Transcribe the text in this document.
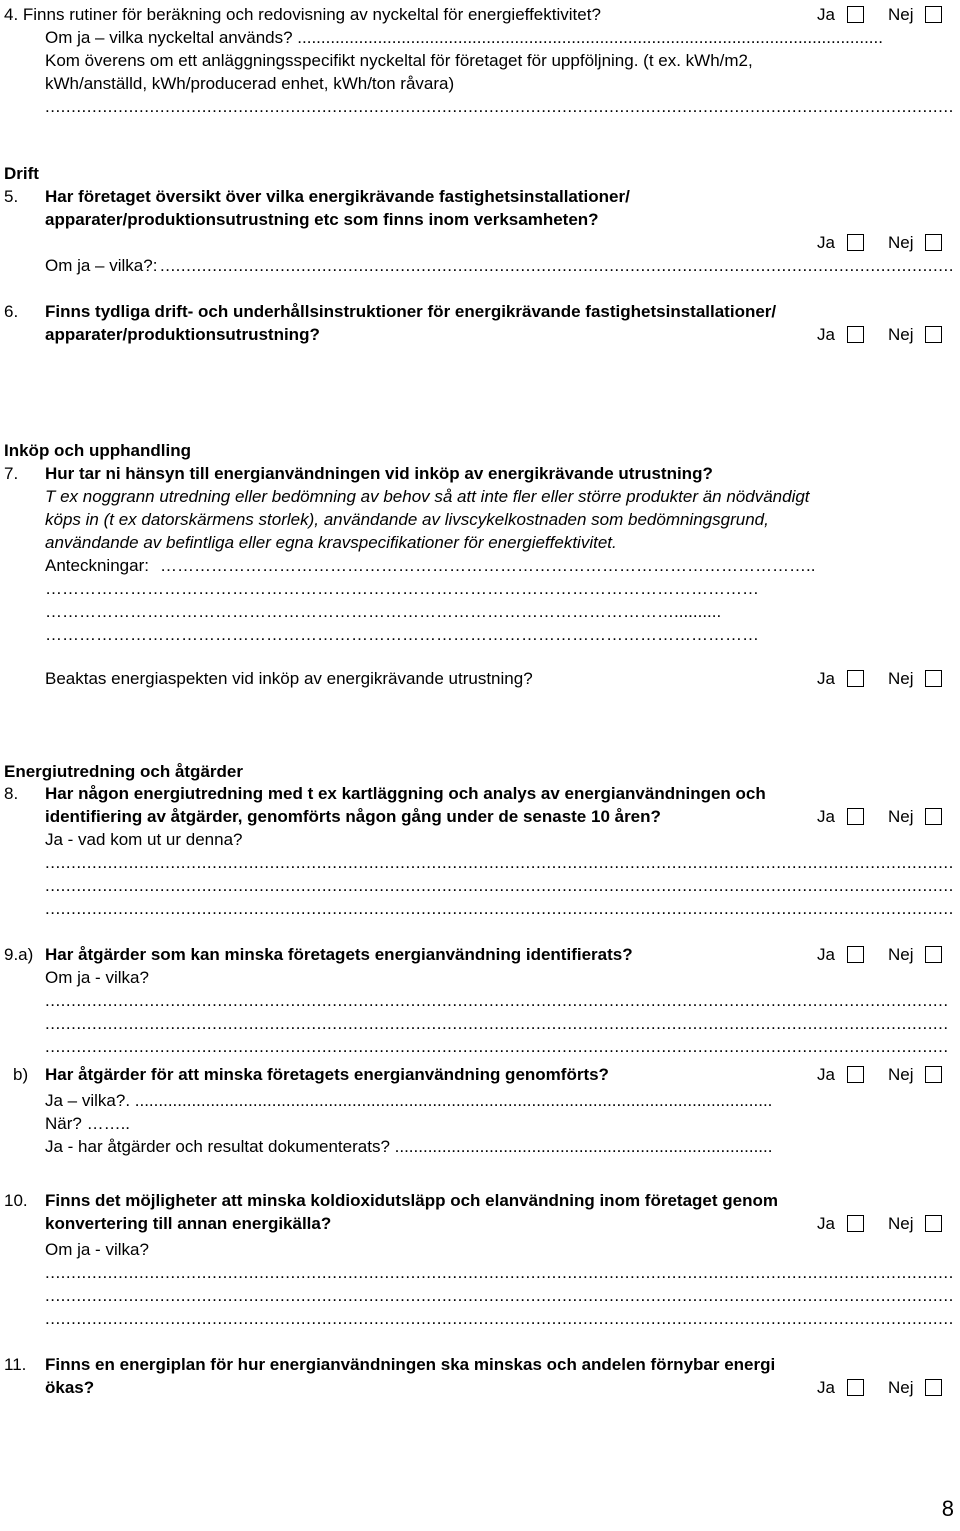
4. Finns rutiner för beräkning och redovisning av nyckeltal för energieffektivitet?	Ja	Nej
Om ja – vilka nyckeltal används? ............................................................................................................................
Kom överens om ett anläggningsspecifikt nyckeltal för företaget för uppföljning. (t ex. kWh/m2,
kWh/anställd, kWh/producerad enhet, kWh/ton råvara)
.....
Drift
5. Har företaget översikt över vilka energikrävande fastighetsinstallationer/
apparater/produktionsutrustning etc som finns inom verksamheten?
Ja	Nej
Om ja – vilka?:
.....
6. Finns tydliga drift- och underhållsinstruktioner för energikrävande fastighetsinstallationer/
apparater/produktionsutrustning?	Ja	Nej
Inköp och upphandling
7. Hur tar ni hänsyn till energianvändningen vid inköp av energikrävande utrustning?
T ex noggrann utredning eller bedömning av behov så att inte fler eller större produkter än nödvändigt
köps in (t ex datorskärmens storlek), användande av livscykelkostnaden som bedömningsgrund,
användande av befintliga eller egna kravspecifikationer för energieffektivitet.
Anteckningar: ……………………………………………………………………………………………………..
………………………………………………………………………………………………………………
…………………………………………………………………………………………………..........
………………………………………………………………………………………………………………
Beaktas energiaspekten vid inköp av energikrävande utrustning?	Ja	Nej
Energiutredning och åtgärder
8. Har någon energiutredning med t ex kartläggning och analys av energianvändningen och
identifiering av åtgärder, genomförts någon gång under de senaste 10 åren?	Ja	Nej
Ja - vad kom ut ur denna?
.....
.....
.....
9.a) Har åtgärder som kan minska företagets energianvändning identifierats?	Ja	Nej
Om ja - vilka?
.....
.....
.....
b) Har åtgärder för att minska företagets energianvändning genomförts?	Ja	Nej
Ja – vilka?. .......................................................................................................................................
När? ……..
Ja - har åtgärder och resultat dokumenterats? ................................................................................
10. Finns det möjligheter att minska koldioxidutsläpp och elanvändning inom företaget genom
konvertering till annan energikälla?	Ja	Nej
Om ja - vilka?
.....
.....
.....
11. Finns en energiplan för hur energianvändningen ska minskas och andelen förnybar energi
ökas?	Ja	Nej
8
